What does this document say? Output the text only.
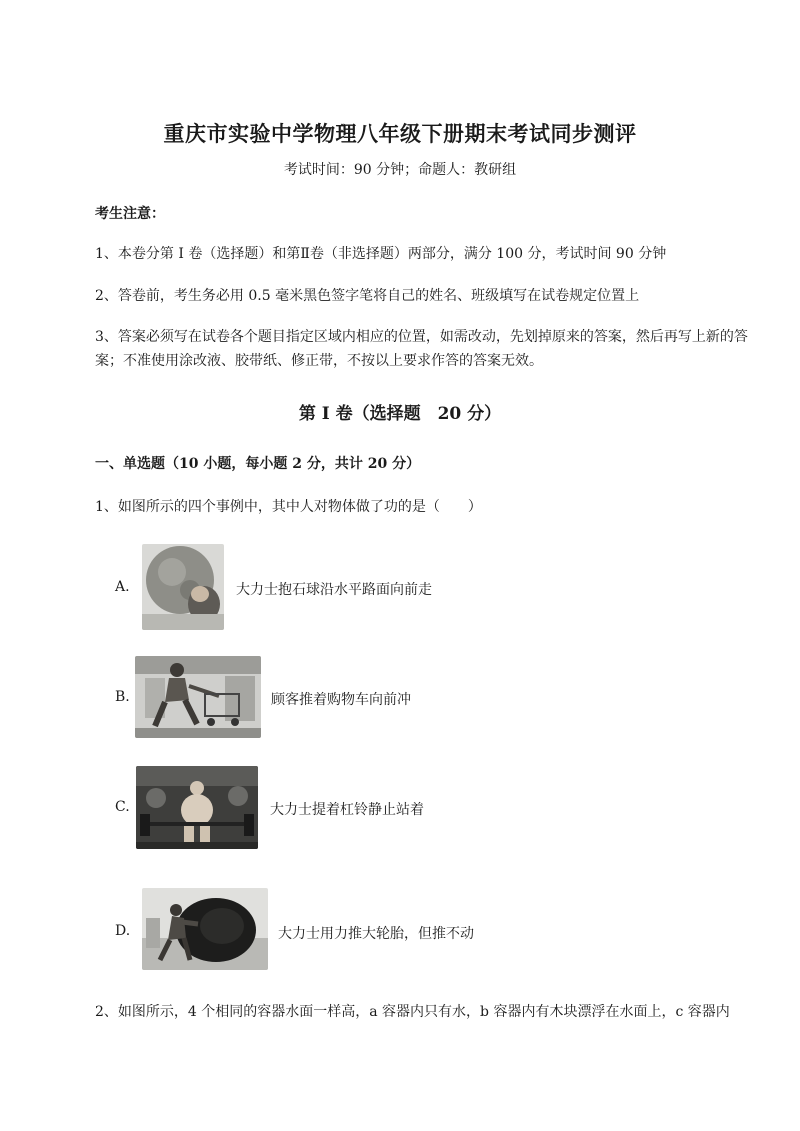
重庆市实验中学物理八年级下册期末考试同步测评
考试时间：90 分钟；命题人：教研组
考生注意：
1、本卷分第 I 卷（选择题）和第Ⅱ卷（非选择题）两部分，满分 100 分，考试时间 90 分钟
2、答卷前，考生务必用 0.5 毫米黑色签字笔将自己的姓名、班级填写在试卷规定位置上
3、答案必须写在试卷各个题目指定区域内相应的位置，如需改动，先划掉原来的答案，然后再写上新的答案；不准使用涂改液、胶带纸、修正带，不按以上要求作答的答案无效。
第 I 卷（选择题　20 分）
一、单选题（10 小题，每小题 2 分，共计 20 分）
1、如图所示的四个事例中，其中人对物体做了功的是（　　）
A.	大力士抱石球沿水平路面向前走
B.	顾客推着购物车向前冲
C.	大力士提着杠铃静止站着
D.	大力士用力推大轮胎，但推不动
2、如图所示，4 个相同的容器水面一样高，a 容器内只有水，b 容器内有木块漂浮在水面上，c 容器内
